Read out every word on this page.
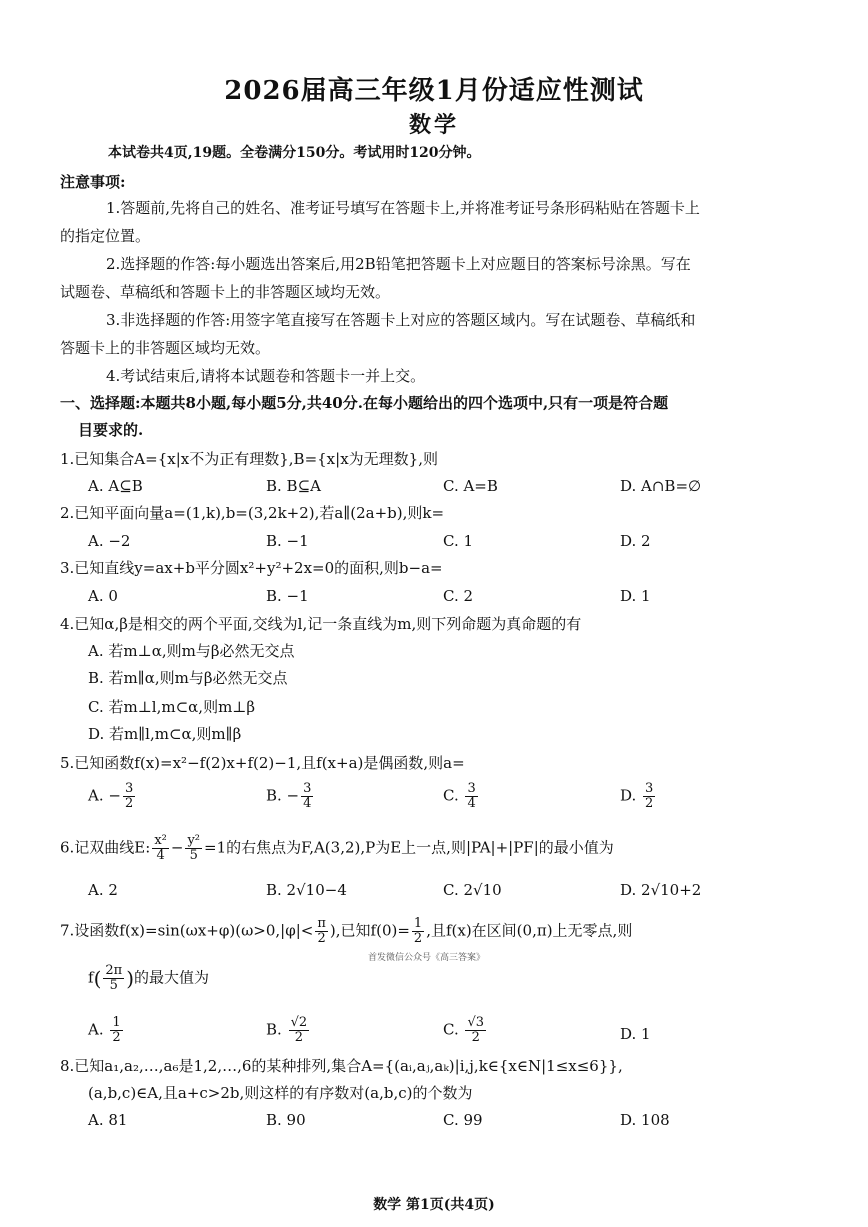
2026届高三年级1月份适应性测试
数学
本试卷共4页,19题。全卷满分150分。考试用时120分钟。
注意事项:
1.答题前,先将自己的姓名、准考证号填写在答题卡上,并将准考证号条形码粘贴在答题卡上
的指定位置。
2.选择题的作答:每小题选出答案后,用2B铅笔把答题卡上对应题目的答案标号涂黑。写在
试题卷、草稿纸和答题卡上的非答题区域均无效。
3.非选择题的作答:用签字笔直接写在答题卡上对应的答题区域内。写在试题卷、草稿纸和
答题卡上的非答题区域均无效。
4.考试结束后,请将本试题卷和答题卡一并上交。
一、选择题:本题共8小题,每小题5分,共40分.在每小题给出的四个选项中,只有一项是符合题
目要求的.
1.已知集合A={x|x不为正有理数},B={x|x为无理数},则
A. A⊆B	B. B⊆A	C. A=B	D. A∩B=∅
2.已知平面向量a=(1,k),b=(3,2k+2),若a∥(2a+b),则k=
A. −2	B. −1	C. 1	D. 2
3.已知直线y=ax+b平分圆x²+y²+2x=0的面积,则b−a=
A. 0	B. −1	C. 2	D. 1
4.已知α,β是相交的两个平面,交线为l,记一条直线为m,则下列命题为真命题的有
A. 若m⊥α,则m与β必然无交点
B. 若m∥α,则m与β必然无交点
C. 若m⊥l,m⊂α,则m⊥β
D. 若m∥l,m⊂α,则m∥β
5.已知函数f(x)=x²−f(2)x+f(2)−1,且f(x+a)是偶函数,则a=
A. − $\frac{3}{2}$	B. − $\frac{3}{4}$	C. $\frac{3}{4}$	D. $\frac{3}{2}$
6.记双曲线E: $\frac{\text{x²}}{4} - \frac{\text{y²}}{5} =1$的右焦点为F,A(3,2),P为E上一点,则|PA|+|PF|的最小值为
A. 2	B. 2√10−4	C. 2√10	D. 2√10+2
7.设函数$f(x)=\sin(\omega x+\varphi)(\omega>0,|\varphi|< \frac{\pi}{2}$ ),已知$f(0)= \frac{1}{2}$ ,且f(x)在区间(0,π)上无零点,则
首发微信公众号《高三答案》
$f( \frac{2\pi}{5}$ )的最大值为
A. $\frac{1}{2}$	B. $\frac{√2}{2}$	C. $\frac{√3}{2}$	D. 1
8.已知a₁,a₂,…,a₆是1,2,…,6的某种排列,集合A={(aᵢ,aⱼ,aₖ)|i,j,k∈{x∈N|1≤x≤6}},
(a,b,c)∈A,且a+c>2b,则这样的有序数对(a,b,c)的个数为
A. 81	B. 90	C. 99	D. 108
数学 第1页(共4页)
